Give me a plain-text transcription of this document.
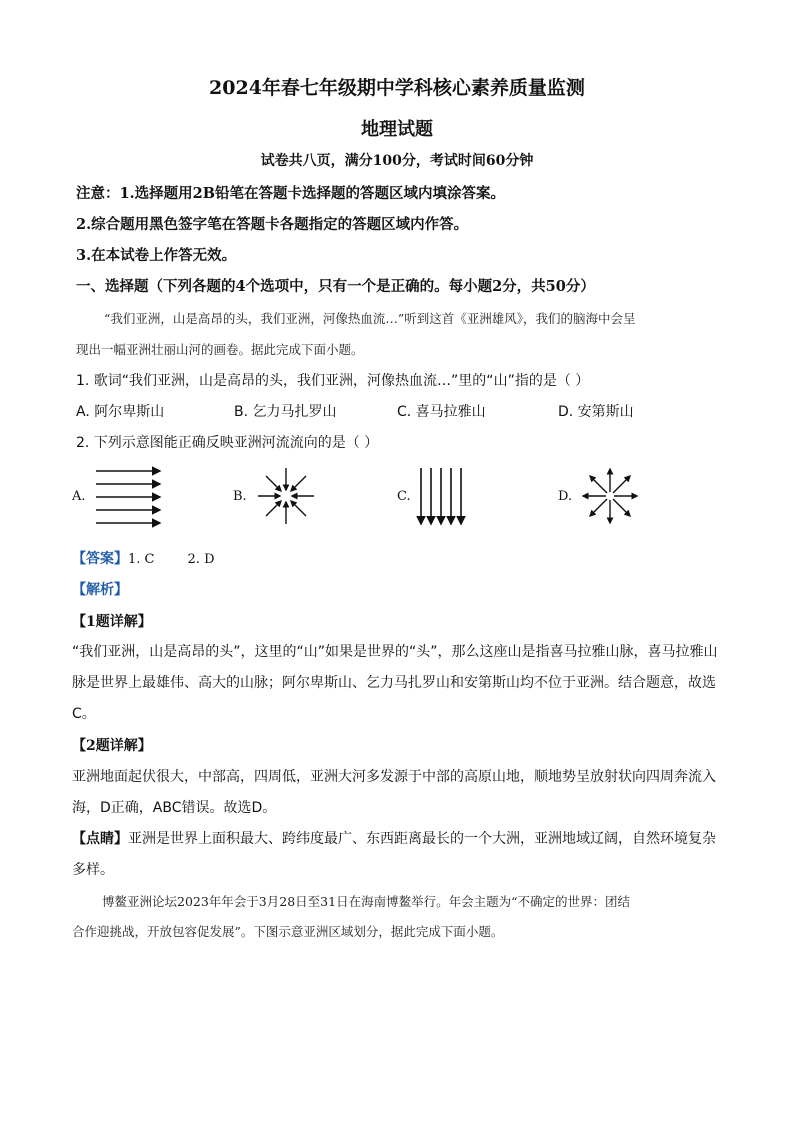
2024年春七年级期中学科核心素养质量监测
地理试题
试卷共八页，满分100分，考试时间60分钟
注意：1.选择题用2B铅笔在答题卡选择题的答题区域内填涂答案。
2.综合题用黑色签字笔在答题卡各题指定的答题区域内作答。
3.在本试卷上作答无效。
一、选择题（下列各题的4个选项中，只有一个是正确的。每小题2分，共50分）
“我们亚洲，山是高昂的头，我们亚洲，河像热血流…”听到这首《亚洲雄风》，我们的脑海中会呈
现出一幅亚洲壮丽山河的画卷。据此完成下面小题。
1. 歌词“我们亚洲，山是高昂的头，我们亚洲，河像热血流…”里的“山”指的是（ ）
A. 阿尔卑斯山	B. 乞力马扎罗山	C. 喜马拉雅山	D. 安第斯山
2. 下列示意图能正确反映亚洲河流流向的是（ ）
A.	B.	C.	D.
【答案】1. C        2. D
【解析】
【1题详解】
“我们亚洲，山是高昂的头”，这里的“山”如果是世界的“头”，那么这座山是指喜马拉雅山脉，喜马拉雅山
脉是世界上最雄伟、高大的山脉；阿尔卑斯山、乞力马扎罗山和安第斯山均不位于亚洲。结合题意，故选
C。
【2题详解】
亚洲地面起伏很大，中部高，四周低，亚洲大河多发源于中部的高原山地，顺地势呈放射状向四周奔流入
海，D正确，ABC错误。故选D。
【点睛】亚洲是世界上面积最大、跨纬度最广、东西距离最长的一个大洲，亚洲地域辽阔，自然环境复杂
多样。
博鳌亚洲论坛2023年年会于3月28日至31日在海南博鳌举行。年会主题为“不确定的世界：团结
合作迎挑战，开放包容促发展”。下图示意亚洲区域划分，据此完成下面小题。
